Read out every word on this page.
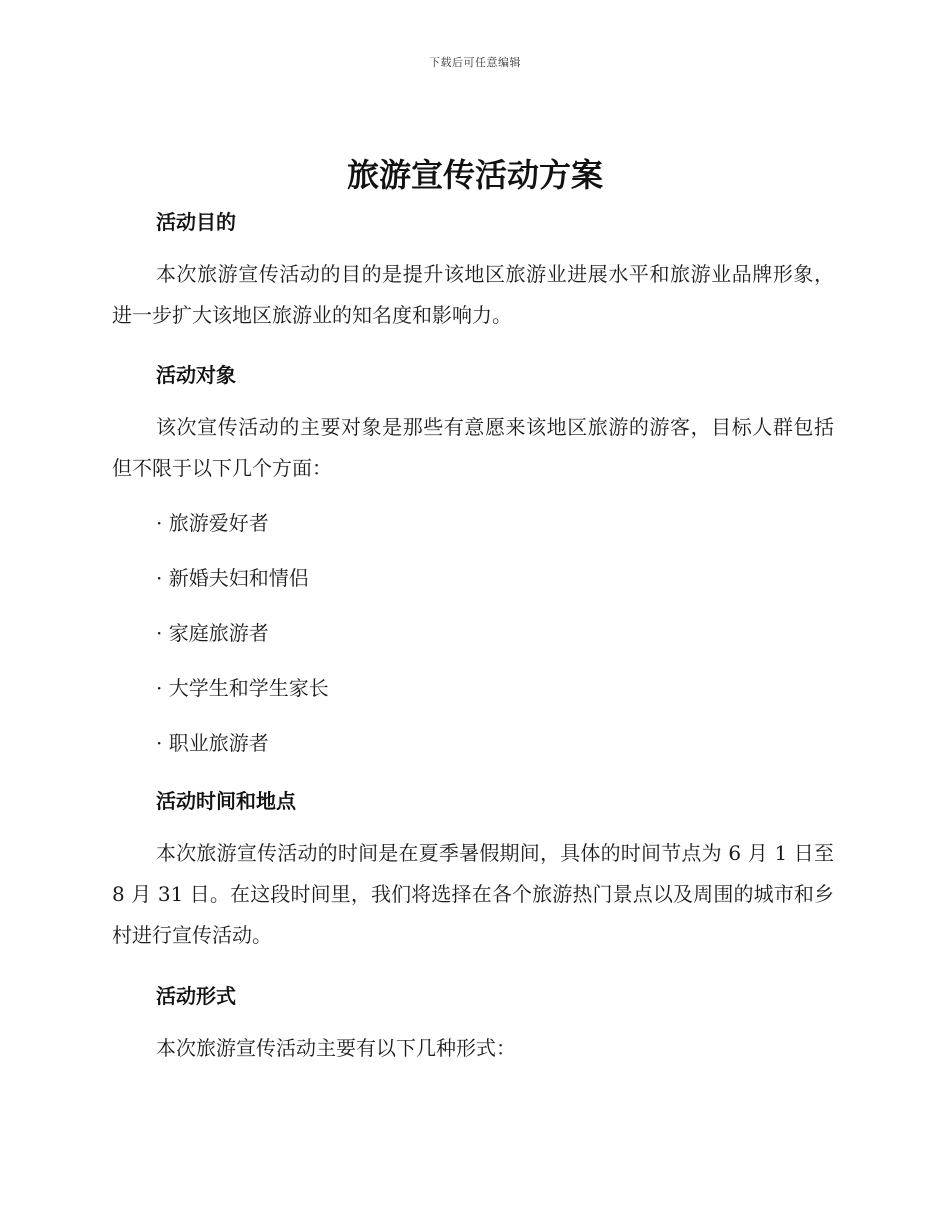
下载后可任意编辑
旅游宣传活动方案
活动目的
本次旅游宣传活动的目的是提升该地区旅游业进展水平和旅游业品牌形象，进一步扩大该地区旅游业的知名度和影响力。
活动对象
该次宣传活动的主要对象是那些有意愿来该地区旅游的游客，目标人群包括但不限于以下几个方面：
· 旅游爱好者
· 新婚夫妇和情侣
· 家庭旅游者
· 大学生和学生家长
· 职业旅游者
活动时间和地点
本次旅游宣传活动的时间是在夏季暑假期间，具体的时间节点为 6 月 1 日至 8 月 31 日。在这段时间里，我们将选择在各个旅游热门景点以及周围的城市和乡村进行宣传活动。
活动形式
本次旅游宣传活动主要有以下几种形式：
